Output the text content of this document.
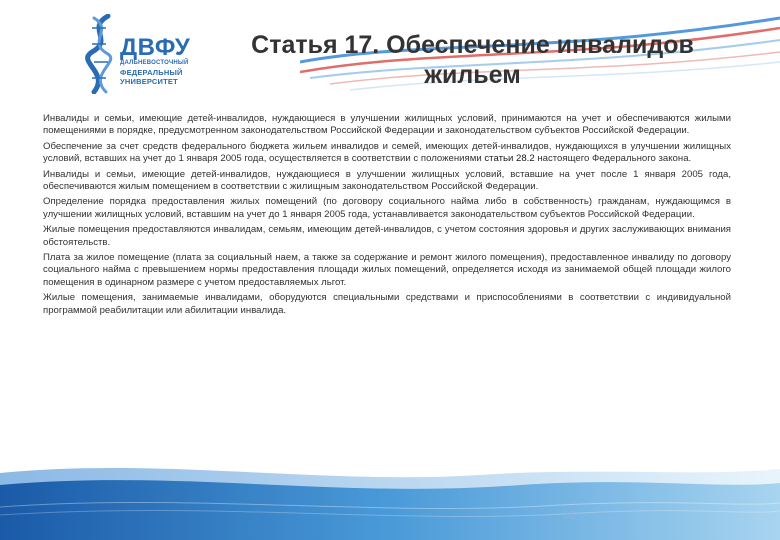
ДВФУ
ДАЛЬНЕВОСТОЧНЫЙ
ФЕДЕРАЛЬНЫЙ
УНИВЕРСИТЕТ
Статья 17. Обеспечение инвалидов жильем

Инвалиды и семьи, имеющие детей-инвалидов, нуждающиеся в улучшении жилищных условий, принимаются на учет и обеспечиваются жилыми помещениями в порядке, предусмотренном законодательством Российской Федерации и законодательством субъектов Российской Федерации.

Обеспечение за счет средств федерального бюджета жильем инвалидов и семей, имеющих детей-инвалидов, нуждающихся в улучшении жилищных условий, вставших на учет до 1 января 2005 года, осуществляется в соответствии с положениями статьи 28.2 настоящего Федерального закона.

Инвалиды и семьи, имеющие детей-инвалидов, нуждающиеся в улучшении жилищных условий, вставшие на учет после 1 января 2005 года, обеспечиваются жилым помещением в соответствии с жилищным законодательством Российской Федерации.

Определение порядка предоставления жилых помещений (по договору социального найма либо в собственность) гражданам, нуждающимся в улучшении жилищных условий, вставшим на учет до 1 января 2005 года, устанавливается законодательством субъектов Российской Федерации.

Жилые помещения предоставляются инвалидам, семьям, имеющим детей-инвалидов, с учетом состояния здоровья и других заслуживающих внимания обстоятельств.

Плата за жилое помещение (плата за социальный наем, а также за содержание и ремонт жилого помещения), предоставленное инвалиду по договору социального найма с превышением нормы предоставления площади жилых помещений, определяется исходя из занимаемой общей площади жилого помещения в одинарном размере с учетом предоставляемых льгот.

Жилые помещения, занимаемые инвалидами, оборудуются специальными средствами и приспособлениями в соответствии с индивидуальной программой реабилитации или абилитации инвалида.

16
